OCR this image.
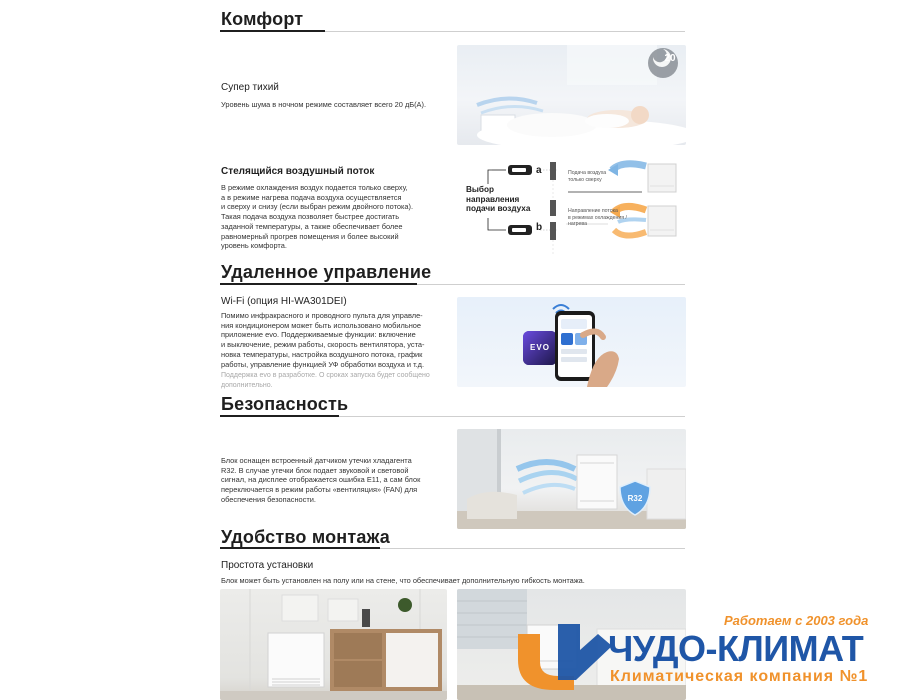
Комфорт
Супер тихий
Уровень шума в ночном режиме составляет всего 20 дБ(А).
20
Стелящийся воздушный поток
В режиме охлаждения воздух подается только сверху,
а в режиме нагрева подача воздуха осуществляется
и сверху и снизу (если выбран режим двойного потока).
Такая подача воздуха позволяет быстрее достигать
заданной температуры, а также обеспечивает более
равномерный прогрев помещения и более высокий
уровень комфорта.
Выбор
направления
подачи воздуха
a
b
Подача воздуха
только сверху
Направление потока
в режимах охлаждения /
нагрева
Удаленное управление
Wi-Fi (опция HI-WA301DEI)
Помимо инфракрасного и проводного пульта для управле-
ния кондиционером может быть использовано мобильное
приложение evo. Поддерживаемые функции: включение
и выключение, режим работы, скорость вентилятора, уста-
новка температуры, настройка воздушного потока, график
работы, управление функцией УФ обработки воздуха и т.д.
Поддержка evo в разработке. О сроках запуска будет сообщено
дополнительно.
EVO
Безопасность
Блок оснащен встроенный датчиком утечки хладагента
R32. В случае утечки блок подает звуковой и световой
сигнал, на дисплее отображается ошибка E11, а сам блок
переключается в режим работы «вентиляция» (FAN) для
обеспечения безопасности.	R32
Удобство монтажа
Простота установки
Блок может быть установлен на полу или на стене, что обеспечивает дополнительную гибкость монтажа.
Работаем с 2003 года
ЧУДО-КЛИМАТ
Климатическая компания №1
